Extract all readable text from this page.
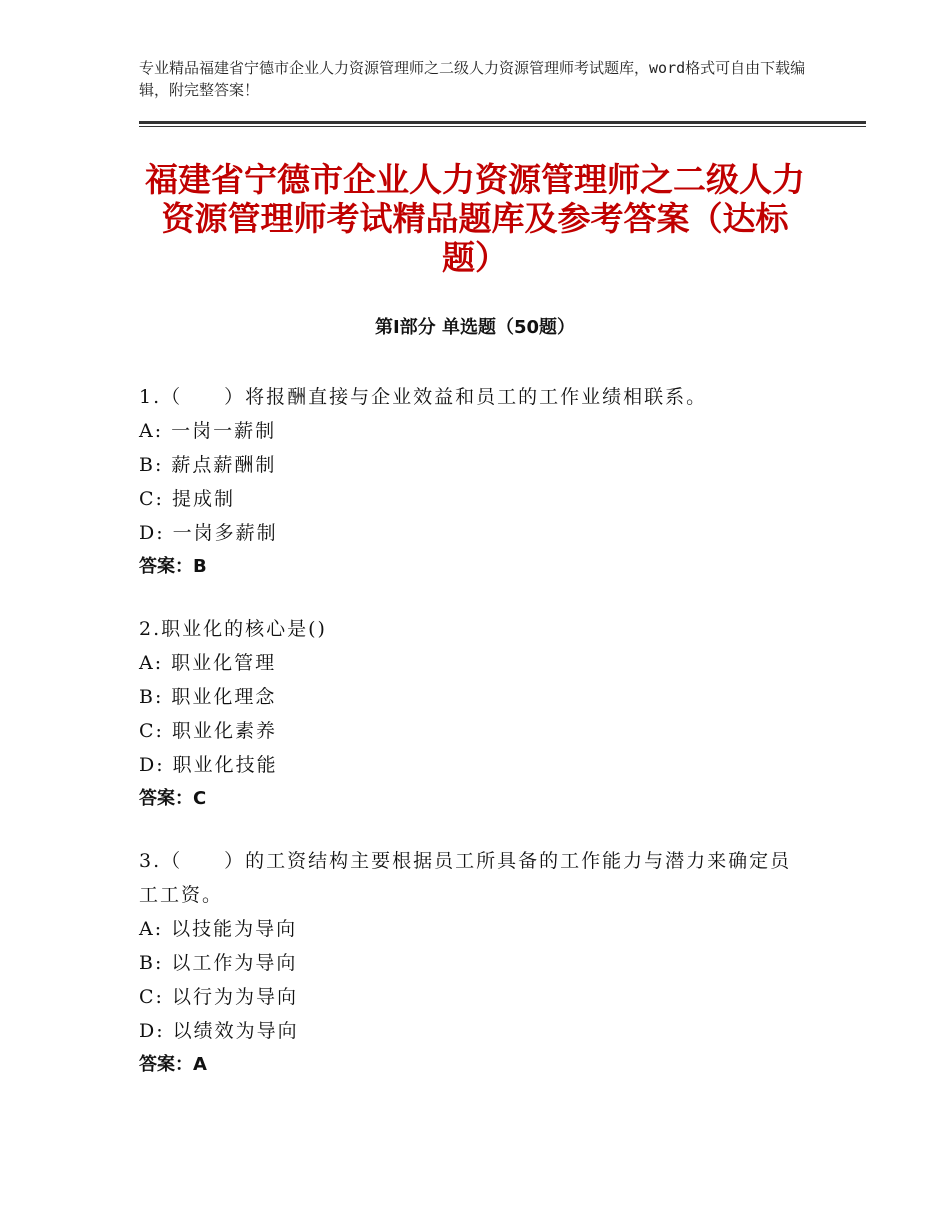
专业精品福建省宁德市企业人力资源管理师之二级人力资源管理师考试题库，word格式可自由下载编辑，附完整答案！

福建省宁德市企业人力资源管理师之二级人力资源管理师考试精品题库及参考答案（达标题）
第Ⅰ部分 单选题（50题）

1.（　　）将报酬直接与企业效益和员工的工作业绩相联系。

A: 一岗一薪制

B: 薪点薪酬制

C: 提成制

D: 一岗多薪制

答案：B

2.职业化的核心是()

A: 职业化管理

B: 职业化理念

C: 职业化素养

D: 职业化技能

答案：C

3.（　　）的工资结构主要根据员工所具备的工作能力与潜力来确定员工工资。

A: 以技能为导向

B: 以工作为导向

C: 以行为为导向

D: 以绩效为导向

答案：A
